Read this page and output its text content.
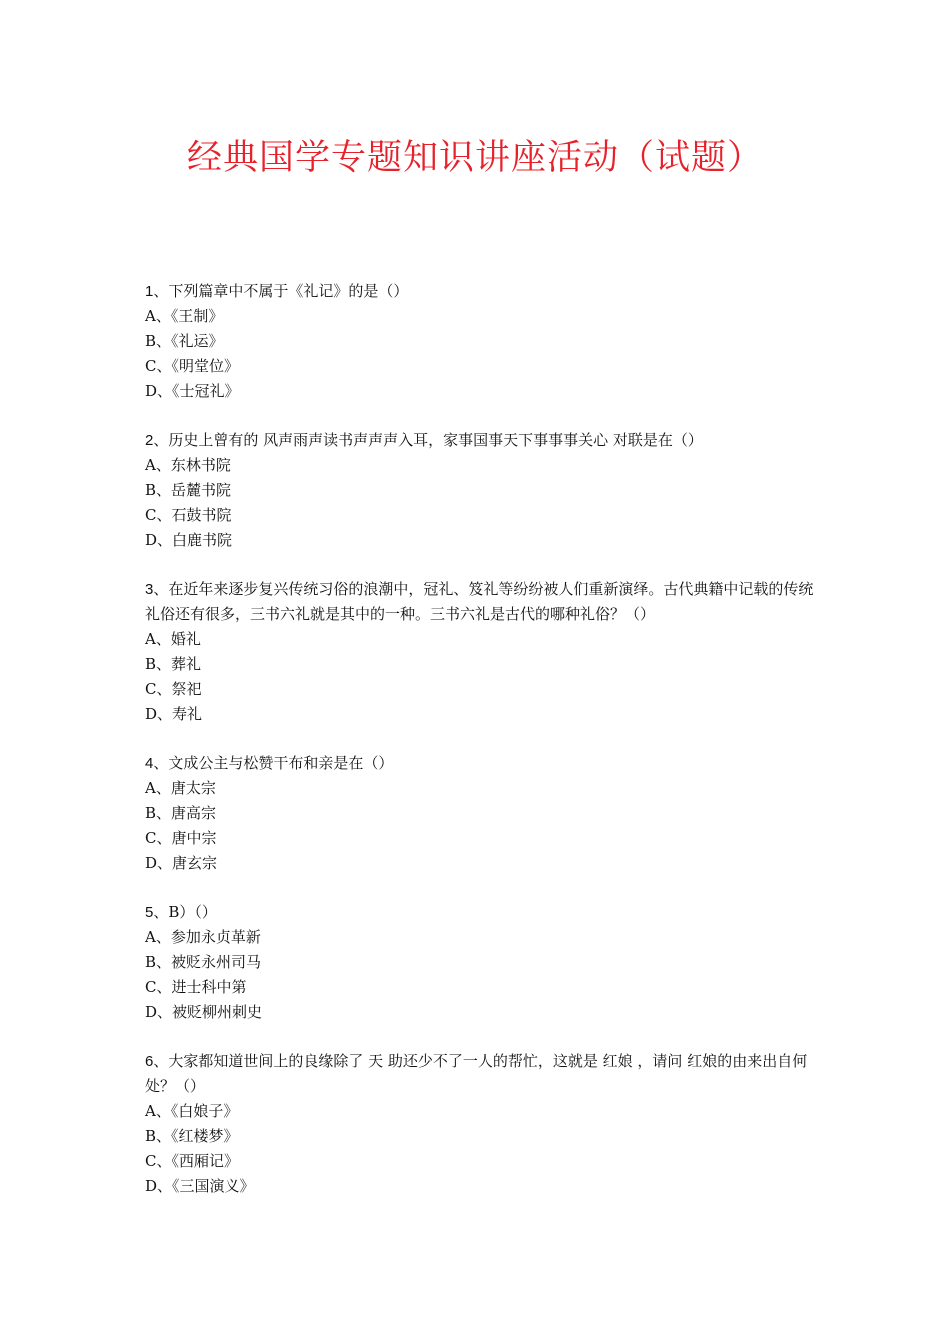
经典国学专题知识讲座活动（试题）

1、下列篇章中不属于《礼记》的是（）

A、《王制》

B、《礼运》

C、《明堂位》

D、《士冠礼》

2、历史上曾有的 风声雨声读书声声声入耳，家事国事天下事事事关心 对联是在（）

A、东林书院

B、岳麓书院

C、石鼓书院

D、白鹿书院

3、在近年来逐步复兴传统习俗的浪潮中，冠礼、笈礼等纷纷被人们重新演绎。古代典籍中记载的传统礼俗还有很多，三书六礼就是其中的一种。三书六礼是古代的哪种礼俗？（）

A、婚礼

B、葬礼

C、祭祀

D、寿礼

4、文成公主与松赞干布和亲是在（）

A、唐太宗

B、唐高宗

C、唐中宗

D、唐玄宗

5、B）（）

A、参加永贞革新

B、被贬永州司马

C、进士科中第

D、被贬柳州刺史

6、大家都知道世间上的良缘除了 天 助还少不了一人的帮忙，这就是 红娘 ，请问 红娘的由来出自何处？（）

A、《白娘子》

B、《红楼梦》

C、《西厢记》

D、《三国演义》
